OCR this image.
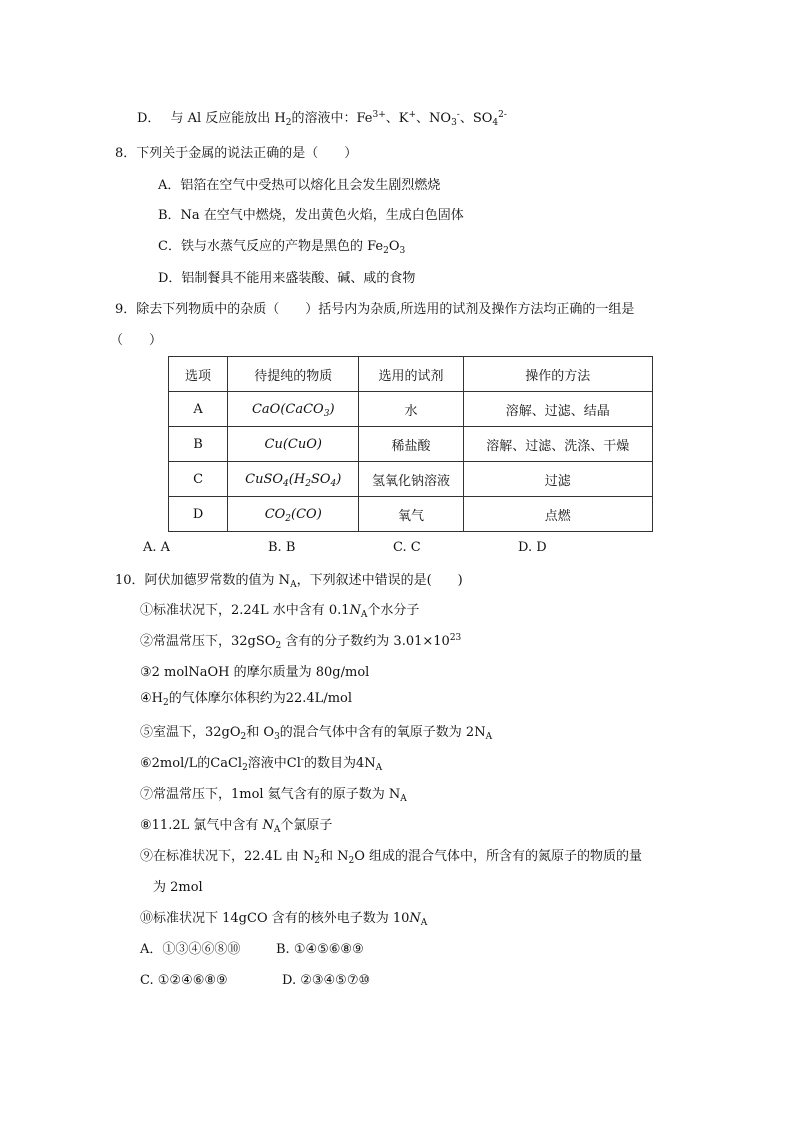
D． 与 Al 反应能放出 $H_2$的溶液中：$Fe^{3+}$、K+、$NO_3^-$、$SO_4^{2-}$
8．下列关于金属的说法正确的是（　　）
A．铝箔在空气中受热可以熔化且会发生剧烈燃烧
B．Na 在空气中燃烧，发出黄色火焰，生成白色固体
C．铁与水蒸气反应的产物是黑色的 $Fe_2O_3$
D．铝制餐具不能用来盛装酸、碱、咸的食物
9．除去下列物质中的杂质（　　）括号内为杂质,所选用的试剂及操作方法均正确的一组是
（　　）
选项	待提纯的物质	选用的试剂	操作的方法
A	CaO(CaCO$_3$)	水	溶解、过滤、结晶
B	Cu(CuO)	稀盐酸	溶解、过滤、洗涤、干燥
C	$CuSO_4(H_2SO_4)$	氢氧化钠溶液	过滤
D	$CO_2(CO)$	氧气	点燃
A. A	B. B	C. C	D. D
10．阿伏加德罗常数的值为 $N_A$，下列叙述中错误的是(　　)
①标准状况下，2.24L 水中含有 $0.1N_A$个水分子
②常温常压下，32gSO$_2$ 含有的分子数约为 $3.01\times 10^{23}$
③2 molNaOH 的摩尔质量为 80g/mol
$④H_2$的气体摩尔体积约为22.4L/mol
⑤室温下，$32gO_2$和 $O_3$的混合气体中含有的氧原子数为 $2N_A$
⑥2mol/L的CaCl$_2$溶液中Cl-的数目为$4N_A$
⑦常温常压下，1mol 氦气含有的原子数为 $N_A$
⑧11.2L 氯气中含有 $N_A$个氯原子
⑨在标准状况下，22.4L 由 $N_2$和 $N_2O$ 组成的混合气体中，所含有的氮原子的物质的量
为 2mol
⑩标准状况下 14gCO 含有的核外电子数为 $10N_A$
A．①③④⑥⑧⑩	B. ①④⑤⑥⑧⑨
C. ①②④⑥⑧⑨	D. ②③④⑤⑦⑩
